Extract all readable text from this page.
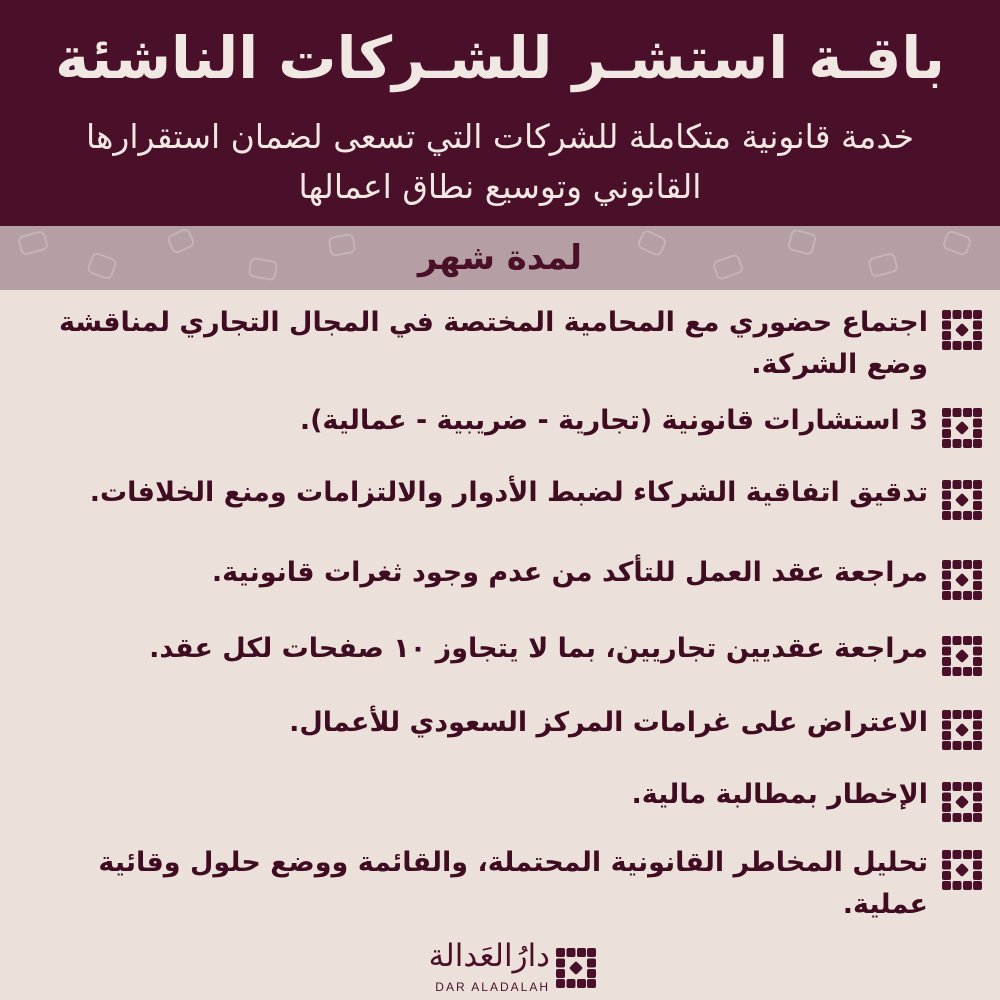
باقـة استشـر للشـركات الناشئة
خدمة قانونية متكاملة للشركات التي تسعى لضمان استقرارها القانوني وتوسيع نطاق اعمالها
لمدة شهر
اجتماع حضوري مع المحامية المختصة في المجال التجاري لمناقشة وضع الشركة.
3 استشارات قانونية (تجارية - ضريبية - عمالية).
تدقيق اتفاقية الشركاء لضبط الأدوار والالتزامات ومنع الخلافات.
مراجعة عقد العمل للتأكد من عدم وجود ثغرات قانونية.
مراجعة عقديين تجاريين، بما لا يتجاوز ١٠ صفحات لكل عقد.
الاعتراض على غرامات المركز السعودي للأعمال.
الإخطار بمطالبة مالية.
تحليل المخاطر القانونية المحتملة، والقائمة ووضع حلول وقائية عملية.
دارُالعَدالة
DAR ALADALAH
